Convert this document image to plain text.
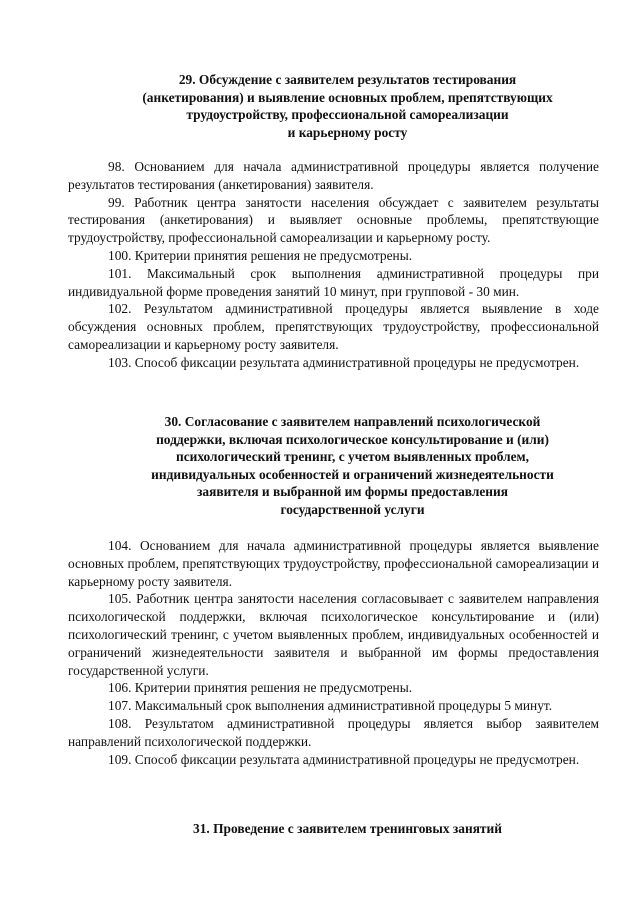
29. Обсуждение с заявителем результатов тестирования
(анкетирования) и выявление основных проблем, препятствующих
трудоустройству, профессиональной самореализации
и карьерному росту

98. Основанием для начала административной процедуры является получение результатов тестирования (анкетирования) заявителя.

99. Работник центра занятости населения обсуждает с заявителем результаты тестирования (анкетирования) и выявляет основные проблемы, препятствующие трудоустройству, профессиональной самореализации и карьерному росту.

100. Критерии принятия решения не предусмотрены.

101. Максимальный срок выполнения административной процедуры при индивидуальной форме проведения занятий 10 минут, при групповой - 30 мин.

102. Результатом административной процедуры является выявление в ходе обсуждения основных проблем, препятствующих трудоустройству, профессиональной самореализации и карьерному росту заявителя.

103. Способ фиксации результата административной процедуры не предусмотрен.

30. Согласование с заявителем направлений психологической
поддержки, включая психологическое консультирование и (или)
психологический тренинг, с учетом выявленных проблем,
индивидуальных особенностей и ограничений жизнедеятельности
заявителя и выбранной им формы предоставления
государственной услуги

104. Основанием для начала административной процедуры является выявление основных проблем, препятствующих трудоустройству, профессиональной самореализации и карьерному росту заявителя.

105. Работник центра занятости населения согласовывает с заявителем направления психологической поддержки, включая психологическое консультирование и (или) психологический тренинг, с учетом выявленных проблем, индивидуальных особенностей и ограничений жизнедеятельности заявителя и выбранной им формы предоставления государственной услуги.

106. Критерии принятия решения не предусмотрены.

107. Максимальный срок выполнения административной процедуры 5 минут.

108. Результатом административной процедуры является выбор заявителем направлений психологической поддержки.

109. Способ фиксации результата административной процедуры не предусмотрен.

31. Проведение с заявителем тренинговых занятий
